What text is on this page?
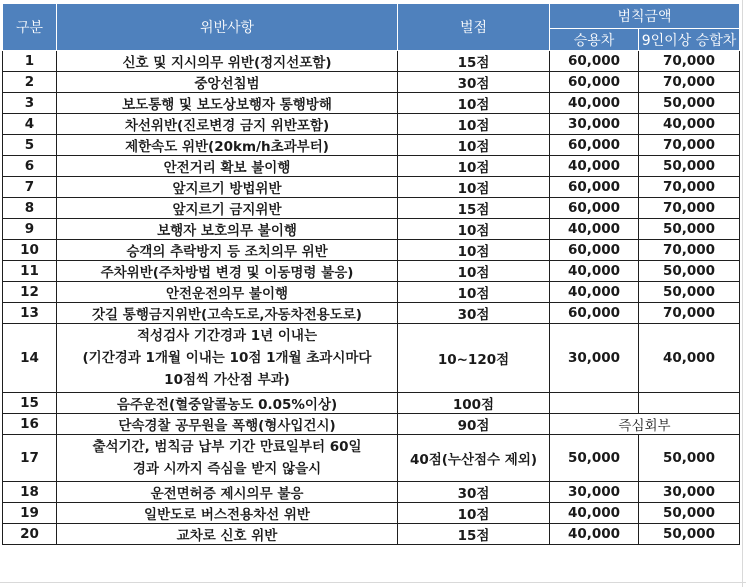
구분	위반사항	벌점	범칙금액	
			승용차	9인이상 승합차
1	신호 및 지시의무 위반(정지선포함)	15점	60,000	70,000
2	중앙선침범	30점	60,000	70,000
3	보도통행 및 보도상보행자 통행방해	10점	40,000	50,000
4	차선위반(진로변경 금지 위반포함)	10점	30,000	40,000
5	제한속도 위반(20km/h초과부터)	10점	60,000	70,000
6	안전거리 확보 불이행	10점	40,000	50,000
7	앞지르기 방법위반	10점	60,000	70,000
8	앞지르기 금지위반	15점	60,000	70,000
9	보행자 보호의무 불이행	10점	40,000	50,000
10	승객의 추락방지 등 조치의무 위반	10점	60,000	70,000
11	주차위반(주차방법 변경 및 이동명령 불응)	10점	40,000	50,000
12	안전운전의무 불이행	10점	40,000	50,000
13	갓길 통행금지위반(고속도로,자동차전용도로)	30점	60,000	70,000
14	적성검사 기간경과 1년 이내는
(기간경과 1개월 이내는 10점 1개월 초과시마다
10점씩 가산점 부과)	10~120점	30,000	40,000
15	음주운전(혈중알콜농도 0.05%이상)	100점		
16	단속경찰 공무원을 폭행(형사입건시)	90점	즉심회부	
17	출석기간, 범칙금 납부 기간 만료일부터 60일
경과 시까지 즉심을 받지 않을시	40점(누산점수 제외)	50,000	50,000
18	운전면허증 제시의무 불응	30점	30,000	30,000
19	일반도로 버스전용차선 위반	10점	40,000	50,000
20	교차로 신호 위반	15점	40,000	50,000
